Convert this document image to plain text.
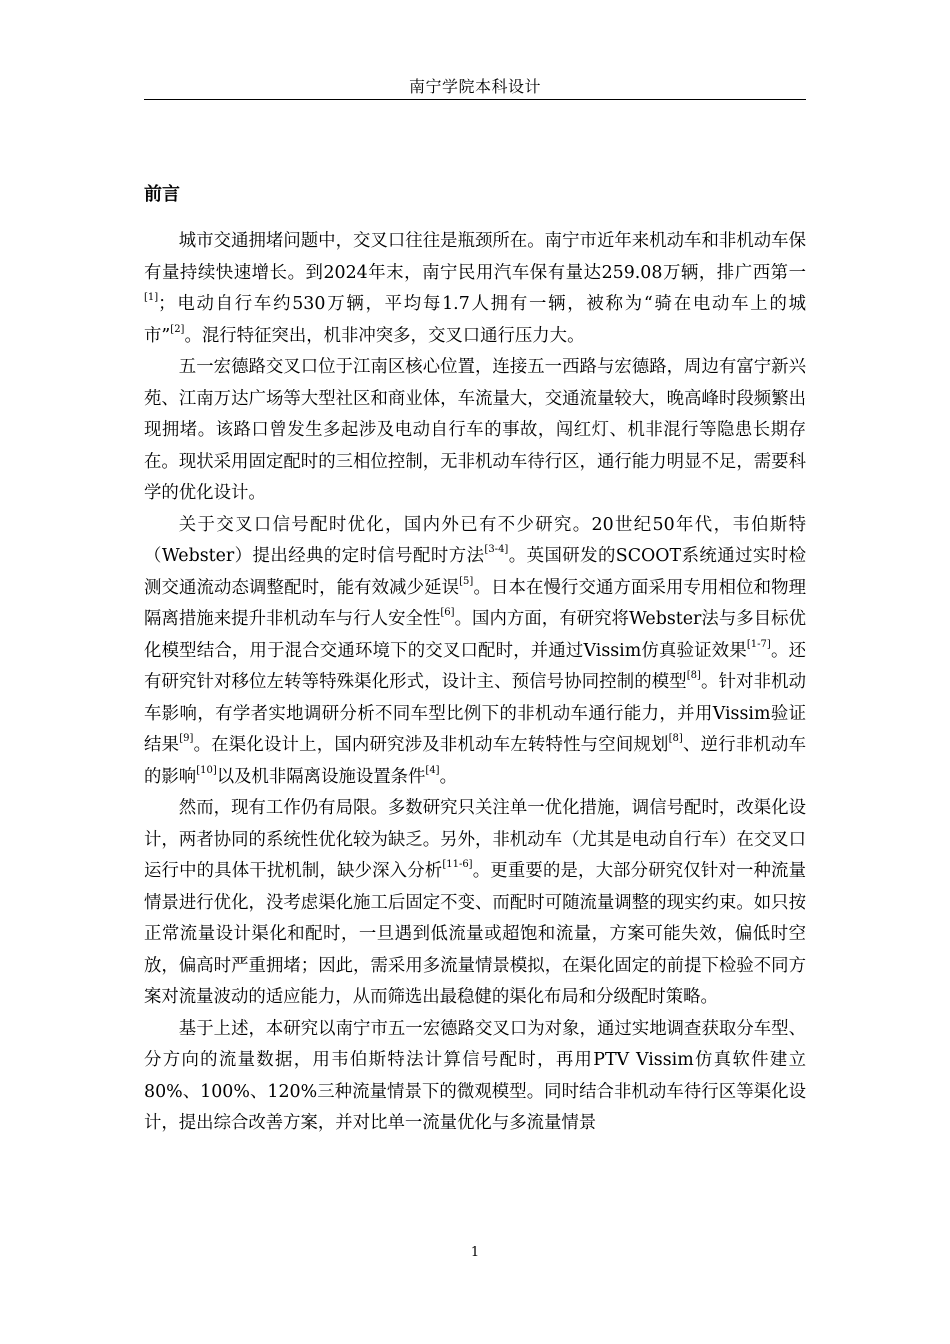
南宁学院本科设计
前言

城市交通拥堵问题中，交叉口往往是瓶颈所在。南宁市近年来机动车和非机动车保有量持续快速增长。到2024年末，南宁民用汽车保有量达259.08万辆，排广西第一[1]；电动自行车约530万辆，平均每1.7人拥有一辆，被称为“骑在电动车上的城市”[2]。混行特征突出，机非冲突多，交叉口通行压力大。

五一宏德路交叉口位于江南区核心位置，连接五一西路与宏德路，周边有富宁新兴苑、江南万达广场等大型社区和商业体，车流量大，交通流量较大，晚高峰时段频繁出现拥堵。该路口曾发生多起涉及电动自行车的事故，闯红灯、机非混行等隐患长期存在。现状采用固定配时的三相位控制，无非机动车待行区，通行能力明显不足，需要科学的优化设计。

关于交叉口信号配时优化，国内外已有不少研究。20世纪50年代，韦伯斯特（Webster）提出经典的定时信号配时方法[3-4]。英国研发的SCOOT系统通过实时检测交通流动态调整配时，能有效减少延误[5]。日本在慢行交通方面采用专用相位和物理隔离措施来提升非机动车与行人安全性[6]。国内方面，有研究将Webster法与多目标优化模型结合，用于混合交通环境下的交叉口配时，并通过Vissim仿真验证效果[1-7]。还有研究针对移位左转等特殊渠化形式，设计主、预信号协同控制的模型[8]。针对非机动车影响，有学者实地调研分析不同车型比例下的非机动车通行能力，并用Vissim验证结果[9]。在渠化设计上，国内研究涉及非机动车左转特性与空间规划[8]、逆行非机动车的影响[10]以及机非隔离设施设置条件[4]。

然而，现有工作仍有局限。多数研究只关注单一优化措施，调信号配时，改渠化设计，两者协同的系统性优化较为缺乏。另外，非机动车（尤其是电动自行车）在交叉口运行中的具体干扰机制，缺少深入分析[11-6]。更重要的是，大部分研究仅针对一种流量情景进行优化，没考虑渠化施工后固定不变、而配时可随流量调整的现实约束。如只按正常流量设计渠化和配时，一旦遇到低流量或超饱和流量，方案可能失效，偏低时空放，偏高时严重拥堵；因此，需采用多流量情景模拟，在渠化固定的前提下检验不同方案对流量波动的适应能力，从而筛选出最稳健的渠化布局和分级配时策略。

基于上述，本研究以南宁市五一宏德路交叉口为对象，通过实地调查获取分车型、分方向的流量数据，用韦伯斯特法计算信号配时，再用PTV Vissim仿真软件建立80%、100%、120%三种流量情景下的微观模型。同时结合非机动车待行区等渠化设计，提出综合改善方案，并对比单一流量优化与多流量情景

1
